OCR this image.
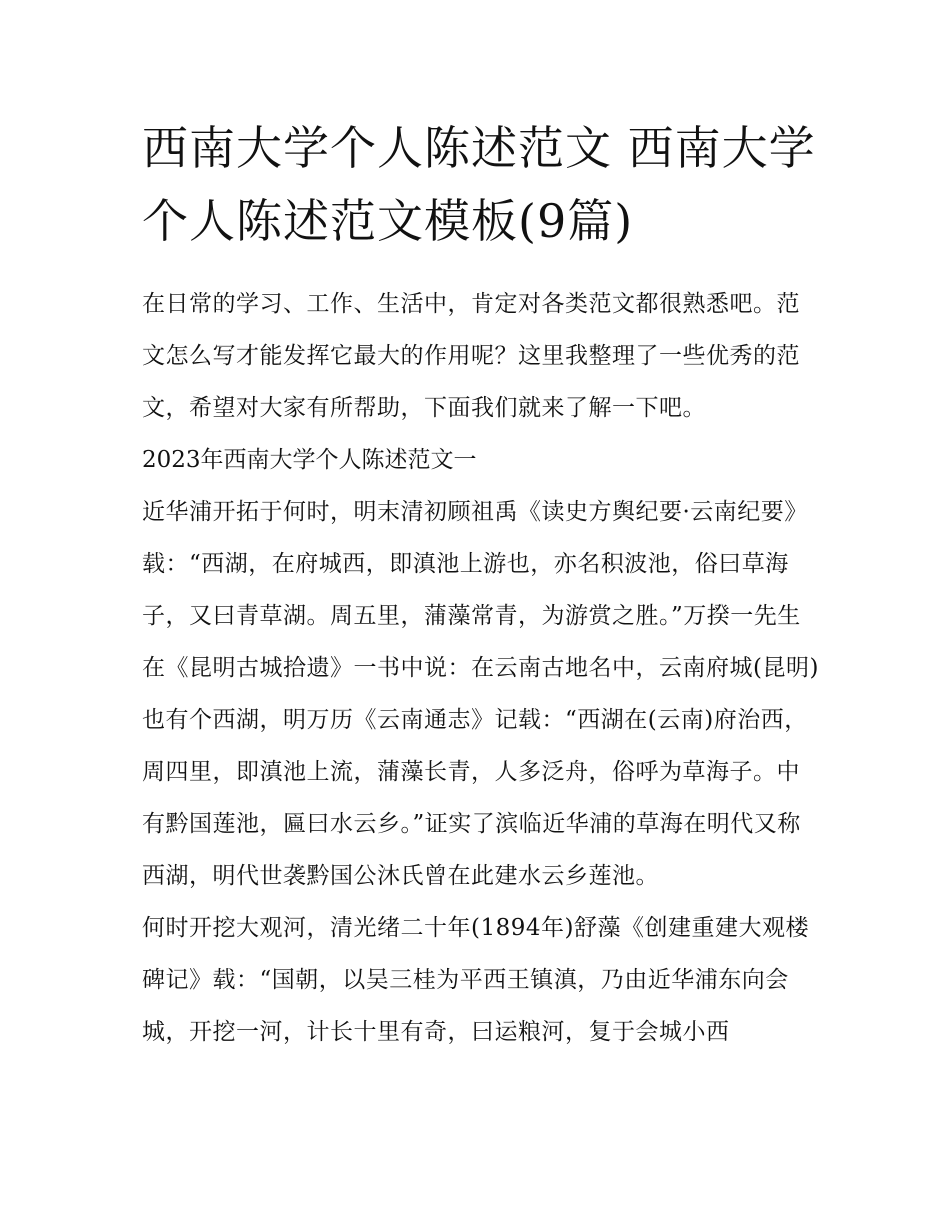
西南大学个人陈述范文 西南大学个人陈述范文模板(9篇)

在日常的学习、工作、生活中，肯定对各类范文都很熟悉吧。范文怎么写才能发挥它最大的作用呢？这里我整理了一些优秀的范文，希望对大家有所帮助，下面我们就来了解一下吧。

2023年西南大学个人陈述范文一

近华浦开拓于何时，明末清初顾祖禹《读史方舆纪要·云南纪要》载：“西湖，在府城西，即滇池上游也，亦名积波池，俗曰草海子，又曰青草湖。周五里，蒲藻常青，为游赏之胜。”万揆一先生在《昆明古城拾遗》一书中说：在云南古地名中，云南府城(昆明)也有个西湖，明万历《云南通志》记载：“西湖在(云南)府治西，周四里，即滇池上流，蒲藻长青，人多泛舟，俗呼为草海子。中有黔国莲池，匾曰水云乡。”证实了滨临近华浦的草海在明代又称西湖，明代世袭黔国公沐氏曾在此建水云乡莲池。

何时开挖大观河，清光绪二十年(1894年)舒藻《创建重建大观楼碑记》载：“国朝，以吴三桂为平西王镇滇，乃由近华浦东向会城，开挖一河，计长十里有奇，曰运粮河，复于会城小西
